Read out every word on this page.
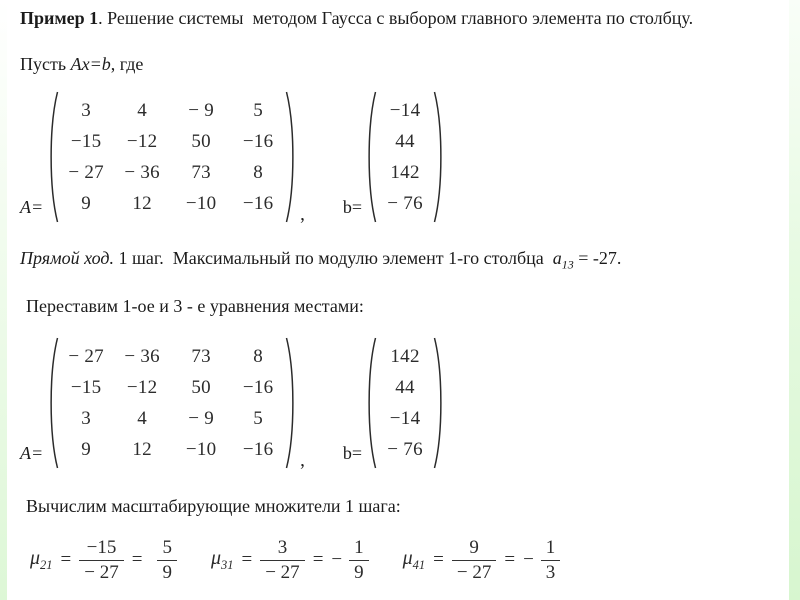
Пример 1. Решение системы  методом Гаусса с выбором главного элемента по столбцу.
Пусть Ax=b, где
A=
3 4 − 9 5
−15 −12 50 −16
− 27 − 36 73 8
9 12 −10 −16
, b=
−14
44
142
− 76
Прямой ход. 1 шаг.  Максимальный по модулю элемент 1-го столбца  $a_{13} = -27$.
Переставим 1-ое и 3 - е уравнения местами:
A=
− 27 − 36 73 8
−15 −12 50 −16
3 4 − 9 5
9 12 −10 −16
, b=
142
44
−14
− 76
Вычислим масштабирующие множители 1 шага:
$\mu_{21} = \frac{-15}{- 27} = \frac{5}{9} \mu_{31} = \frac{3}{- 27}$ = − $\frac{1}{9} \mu_{41} = \frac{9}{- 27}$ = − $\frac{1}{3}$
